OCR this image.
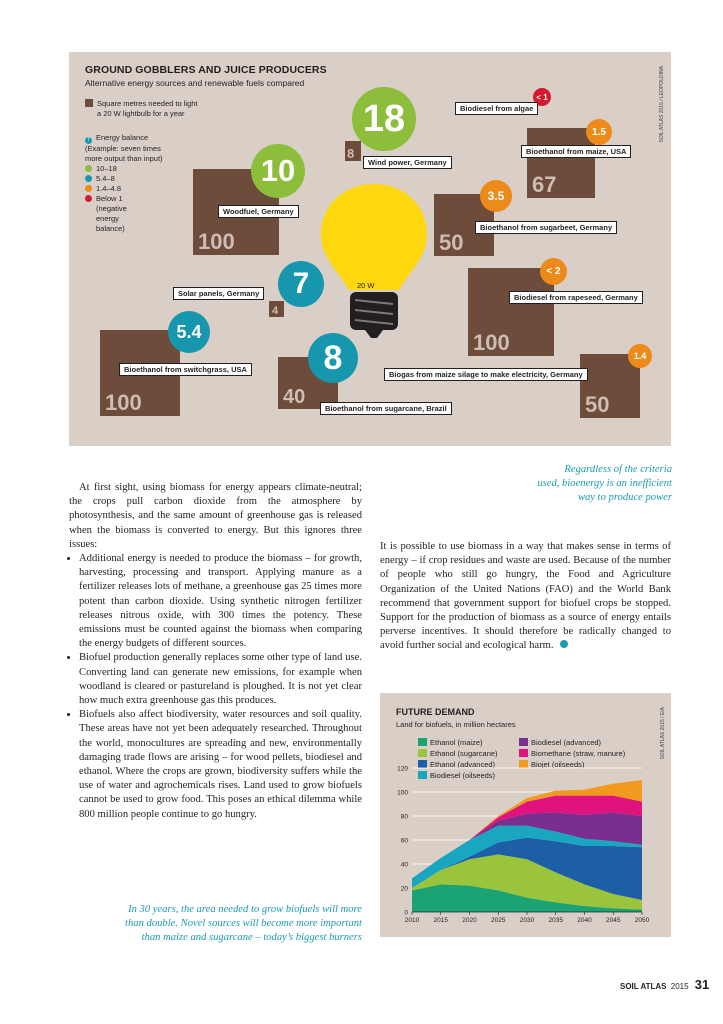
GROUND GOBBLERS AND JUICE PRODUCERS
Alternative energy sources and renewable fuels compared	SOIL ATLAS 2015 / LEOPOLDINA
Square metres needed to light
a 20 W lightbulb for a year
7 Energy balance
(Example: seven times
more output than input)
10–18
5.4–8
1.4–4.8
Below 1
(negative
energy
balance)
20 W
8
18
Wind power, Germany
100
10
Woodfuel, Germany
4
7
Solar panels, Germany
100
5.4
Bioethanol from switchgrass, USA
40
8
Bioethanol from sugarcane, Brazil
< 1
Biodiesel from algae
67
1.5
Bioethanol from maize, USA
50
3.5
Bioethanol from sugarbeet, Germany
100
< 2
Biodiesel from rapeseed, Germany
50
1.4
Biogas from maize silage to make electricity, Germany
Regardless of the criteria
used, bioenergy is an inefficient
way to produce power

At first sight, using biomass for energy appears climate-neutral; the crops pull carbon dioxide from the atmosphere by photosynthesis, and the same amount of greenhouse gas is released when the biomass is converted to energy. But this ignores three issues:

• Additional energy is needed to produce the biomass – for growth, harvesting, processing and transport. Applying manure as a fertilizer releases lots of methane, a greenhouse gas 25 times more potent than carbon dioxide. Using synthetic nitrogen fertilizer releases nitrous oxide, with 300 times the potency. These emissions must be counted against the biomass when comparing the energy budgets of different sources.
• Biofuel production generally replaces some other type of land use. Converting land can generate new emissions, for example when woodland is cleared or pastureland is ploughed. It is not yet clear how much extra greenhouse gas this produces.
• Biofuels also affect biodiversity, water resources and soil quality. These areas have not yet been adequately researched. Throughout the world, monocultures are spreading and new, environmentally damaging trade flows are arising – for wood pellets, biodiesel and ethanol. Where the crops are grown, biodiversity suffers while the use of water and agrochemicals rises. Land used to grow biofuels cannot be used to grow food. This poses an ethical dilemma while 800 million people continue to go hungry.

It is possible to use biomass in a way that makes sense in terms of energy – if crop residues and waste are used. Because of the number of people who still go hungry, the Food and Agriculture Organization of the United Nations (FAO) and the World Bank recommend that government support for biofuel crops be stopped. Support for the production of biomass as a source of energy entails perverse incentives. It should therefore be radically changed to avoid further social and ecological harm.

In 30 years, the area needed to grow biofuels will more
than double. Novel sources will become more important
than maize and sugarcane – today’s biggest burners
FUTURE DEMAND
Land for biofuels, in million hectares	SOIL ATLAS 2015 / EIA
Ethanol (maize)
Ethanol (sugarcane)
Ethanol (advanced)
Biodiesel (oilseeds)
Biodiesel (advanced)
Biomethane (straw, manure)
Biojet (oilseeds)
0
20
40
60
80
100
120
2010 2015 2020 2025 2030 2035 2040 2045 2050
SOIL ATLAS 2015 31
